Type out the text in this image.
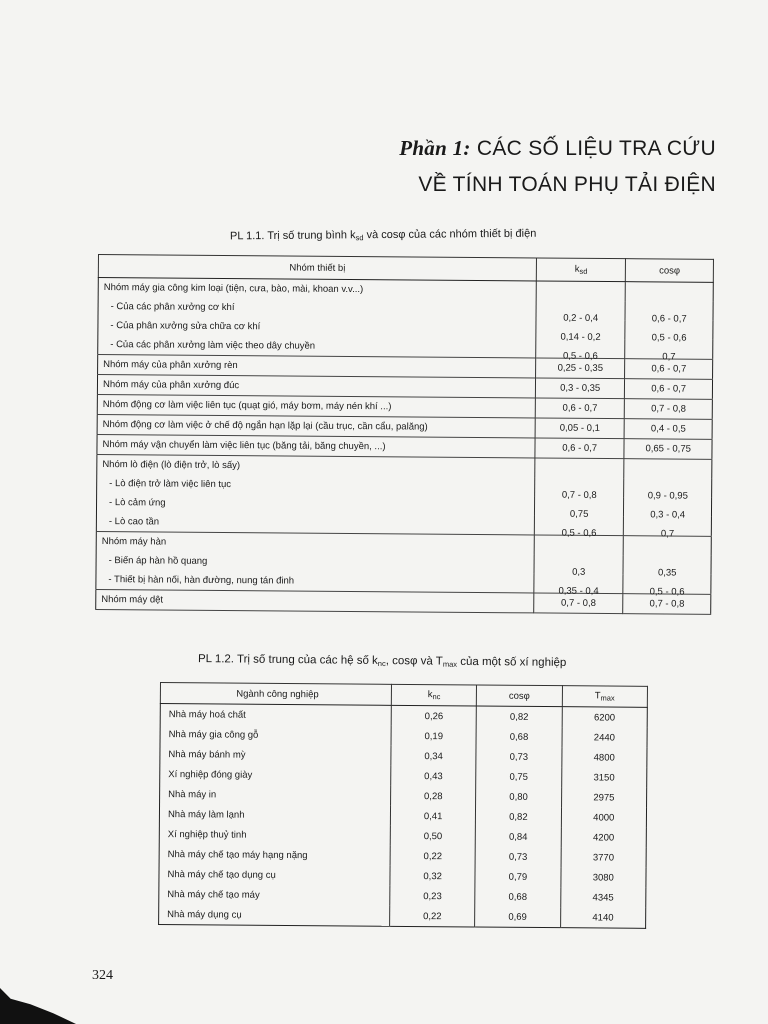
Phần 1: CÁC SỐ LIỆU TRA CỨU
VỀ TÍNH TOÁN PHỤ TẢI ĐIỆN

PL 1.1. Trị số trung bình $k_{sd}$ và cosφ của các nhóm thiết bị điện

Nhóm thiết bị	$k_{sd}$	cosφ
Nhóm máy gia công kim loại (tiện, cưa, bào, mài, khoan v.v...)		
- Của các phân xưởng cơ khí	0,2 - 0,4	0,6 - 0,7
- Của phân xưởng sửa chữa cơ khí	0,14 - 0,2	0,5 - 0,6
- Của các phân xưởng làm việc theo dây chuyền	0,5 - 0,6	0,7
Nhóm máy của phân xưởng rèn	0,25 - 0,35	0,6 - 0,7
Nhóm máy của phân xưởng đúc	0,3 - 0,35	0,6 - 0,7
Nhóm động cơ làm việc liên tục (quạt gió, máy bơm, máy nén khí ...)	0,6 - 0,7	0,7 - 0,8
Nhóm động cơ làm việc ở chế độ ngắn hạn lặp lại (cầu trục, cần cẩu, palăng)	0,05 - 0,1	0,4 - 0,5
Nhóm máy vận chuyển làm việc liên tục (băng tải, băng chuyền, ...)	0,6 - 0,7	0,65 - 0,75
Nhóm lò điện (lò điện trở, lò sấy)		
- Lò điện trở làm việc liên tục	0,7 - 0,8	0,9 - 0,95
- Lò cảm ứng	0,75	0,3 - 0,4
- Lò cao tần	0,5 - 0,6	0,7
Nhóm máy hàn		
- Biến áp hàn hồ quang	0,3	0,35
- Thiết bị hàn nối, hàn đường, nung tán đinh	0,35 - 0,4	0,5 - 0,6
Nhóm máy dệt	0,7 - 0,8	0,7 - 0,8

PL 1.2. Trị số trung của các hệ số $k_{nc}$, cosφ và $T_{max}$ của một số xí nghiệp

Ngành công nghiệp	$k_{nc}$	cosφ	$T_{max}$
Nhà máy hoá chất	0,26	0,82	6200
Nhà máy gia công gỗ	0,19	0,68	2440
Nhà máy bánh mỳ	0,34	0,73	4800
Xí nghiệp đóng giày	0,43	0,75	3150
Nhà máy in	0,28	0,80	2975
Nhà máy làm lạnh	0,41	0,82	4000
Xí nghiệp thuỷ tinh	0,50	0,84	4200
Nhà máy chế tạo máy hạng nặng	0,22	0,73	3770
Nhà máy chế tạo dụng cụ	0,32	0,79	3080
Nhà máy chế tạo máy	0,23	0,68	4345
Nhà máy dụng cụ	0,22	0,69	4140

324
